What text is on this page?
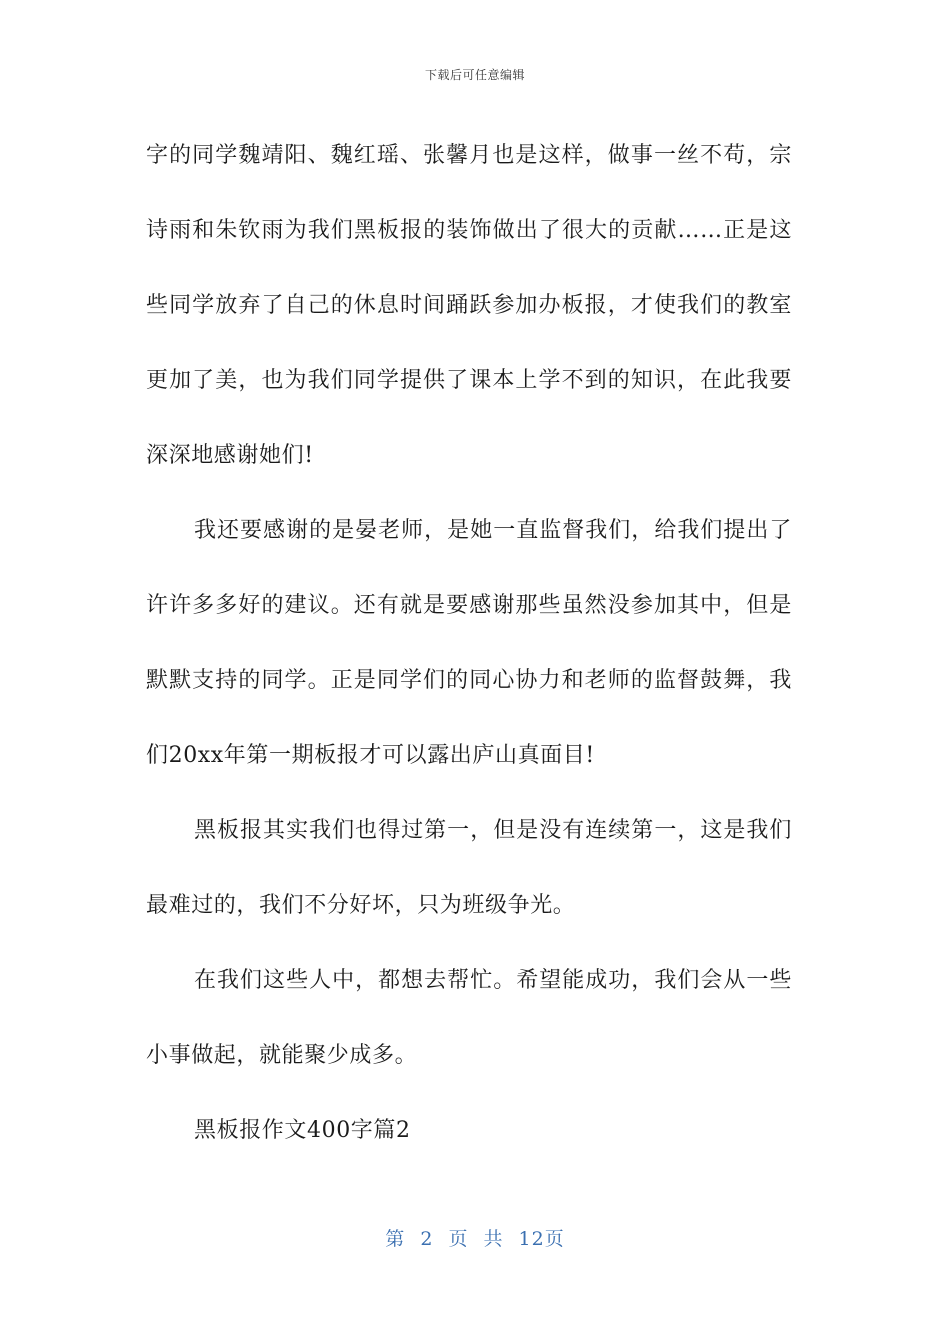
下载后可任意编辑

字的同学魏靖阳、魏红瑶、张馨月也是这样，做事一丝不苟，宗诗雨和朱钦雨为我们黑板报的装饰做出了很大的贡献……正是这些同学放弃了自己的休息时间踊跃参加办板报，才使我们的教室更加了美，也为我们同学提供了课本上学不到的知识，在此我要深深地感谢她们!

我还要感谢的是晏老师，是她一直监督我们，给我们提出了许许多多好的建议。还有就是要感谢那些虽然没参加其中，但是默默支持的同学。正是同学们的同心协力和老师的监督鼓舞，我们20xx年第一期板报才可以露出庐山真面目!

黑板报其实我们也得过第一，但是没有连续第一，这是我们最难过的，我们不分好坏，只为班级争光。

在我们这些人中，都想去帮忙。希望能成功，我们会从一些小事做起，就能聚少成多。

黑板报作文400字篇2

第 2 页 共 12页
